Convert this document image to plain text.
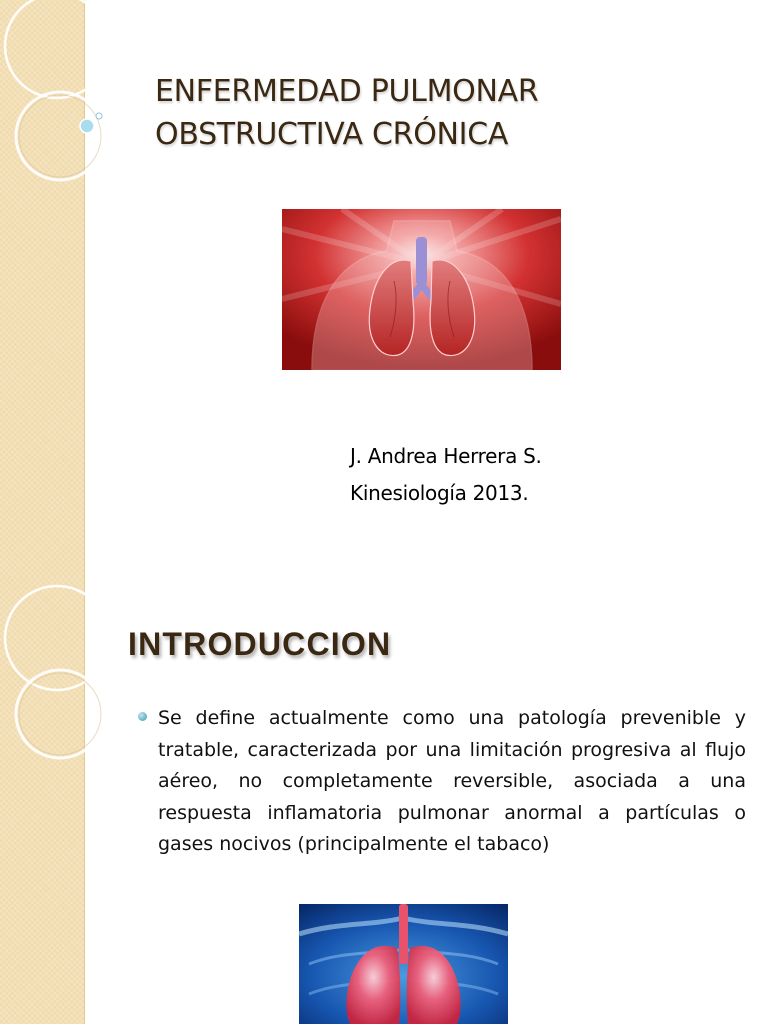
ENFERMEDAD PULMONAR
OBSTRUCTIVA CRÓNICA
J. Andrea Herrera S.
Kinesiología 2013.
INTRODUCCION

Se define actualmente como una patología prevenible y tratable, caracterizada por una limitación progresiva al flujo aéreo, no completamente reversible, asociada a una respuesta inflamatoria pulmonar anormal a partículas o gases nocivos (principalmente el tabaco)
